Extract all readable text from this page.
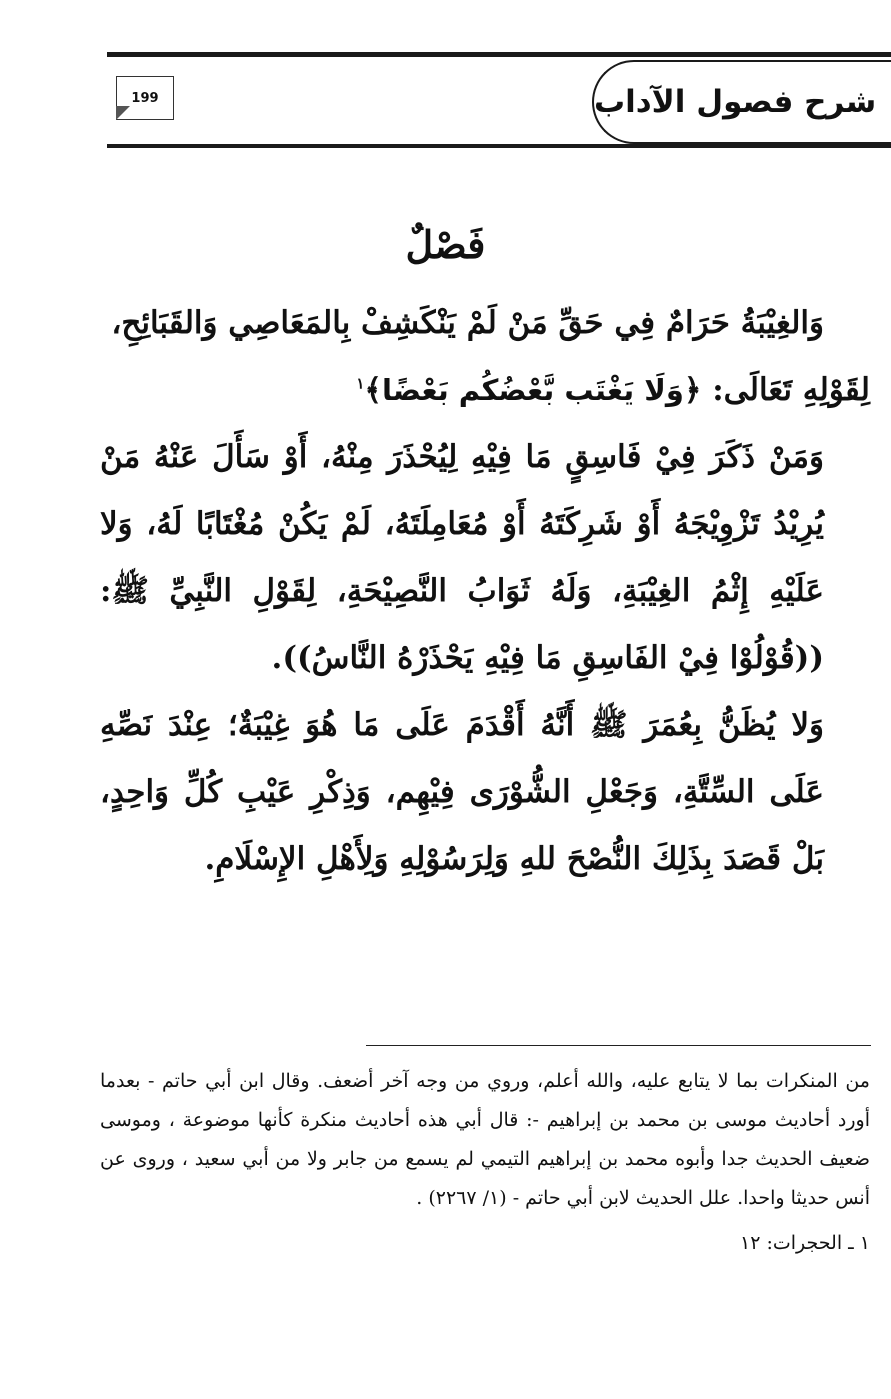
شرح فصول الآداب
199
فَصْلٌ

وَالغِيْبَةُ حَرَامٌ فِي حَقِّ مَنْ لَمْ يَنْكَشِفْ بِالمَعَاصِي وَالقَبَائِحِ،

لِقَوْلِهِ تَعَالَى: ﴿وَلَا يَغْتَب بَّعْضُكُم بَعْضًا﴾$^١$

وَمَنْ ذَكَرَ فِيْ فَاسِقٍ مَا فِيْهِ لِيُحْذَرَ مِنْهُ، أَوْ سَأَلَ عَنْهُ مَنْ يُرِيْدُ تَزْوِيْجَهُ أَوْ شَرِكَتَهُ أَوْ مُعَامِلَتَهُ، لَمْ يَكُنْ مُغْتَابًا لَهُ، وَلا عَلَيْهِ إِثْمُ الغِيْبَةِ، وَلَهُ ثَوَابُ النَّصِيْحَةِ، لِقَوْلِ النَّبِيِّ ﷺ: ((قُوْلُوْا فِيْ الفَاسِقِ مَا فِيْهِ يَحْذَرْهُ النَّاسُ)).

وَلا يُظَنُّ بِعُمَرَ ﷺ أَنَّهُ أَقْدَمَ عَلَى مَا هُوَ غِيْبَةٌ؛ عِنْدَ نَصِّهِ عَلَى السِّتَّةِ، وَجَعْلِ الشُّوْرَى فِيْهِم، وَذِكْرِ عَيْبِ كُلِّ وَاحِدٍ، بَلْ قَصَدَ بِذَلِكَ النُّصْحَ للهِ وَلِرَسُوْلِهِ وَلِأَهْلِ الإِسْلَامِ.

من المنكرات بما لا يتابع عليه، والله أعلم، وروي من وجه آخر أضعف. وقال ابن أبي حاتم - بعدما أورد أحاديث موسى بن محمد بن إبراهيم -: قال أبي هذه أحاديث منكرة كأنها موضوعة ، وموسى ضعيف الحديث جدا وأبوه محمد بن إبراهيم التيمي لم يسمع من جابر ولا من أبي سعيد ، وروى عن أنس حديثا واحدا. علل الحديث لابن أبي حاتم - (١/ ٢٢٦٧) .

١ ـ الحجرات: ١٢
